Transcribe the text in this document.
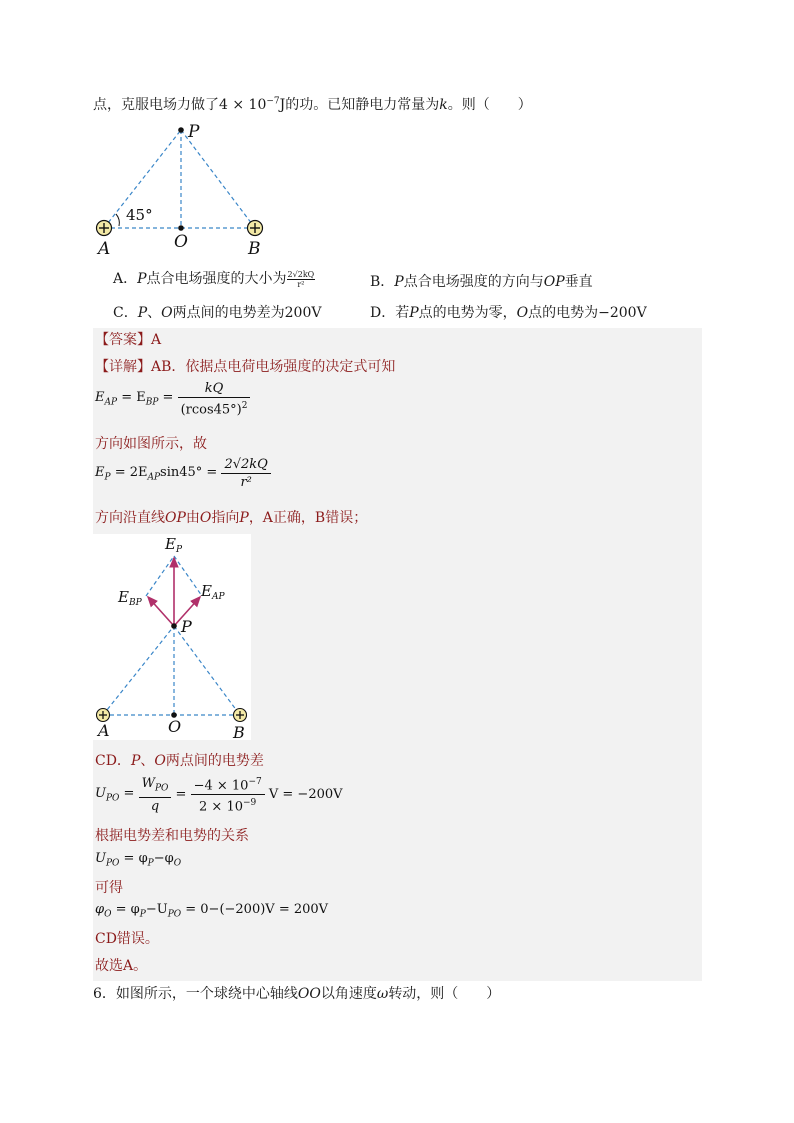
点，克服电场力做了$4 \times 10^{-7}J$的功。已知静电力常量为k。则（　　）
P
45°
A	O	B
A．P点合电场强度的大小为 $\frac{2√2kQ}{\text{r²}}$	B．P点合电场强度的方向与OP垂直
C．P、O两点间的电势差为200V	D．若P点的电势为零，O点的电势为−200V
【答案】A
【详解】AB．依据点电荷电场强度的决定式可知
$E_{AP} = E_{BP} = \frac{kQ}{(rcos45^\circ)^2}$
方向如图所示，故
$E_P = 2E_{AP}\sin 45^\circ = \frac{2√2kQ}{\text{r²}}$
方向沿直线OP由O指向P，A正确，B错误；
$E_P$
$E_{BP}$
$E_{AP}$
P
A	O	B
CD．P、O两点间的电势差
$U_{PO} = \frac{W_{PO}}{q} = \frac{-4 \times 10^{-7}}{2 \times 10^{-9}}$ V = −200V
根据电势差和电势的关系
$U_{PO} = \varphi_P-\varphi_O$
可得
$\varphi_O = \varphi_P-U_{PO} = 0-(-200)V = 200V$
CD错误。
故选A。
6．如图所示，一个球绕中心轴线OO以角速度ω转动，则（　　）
